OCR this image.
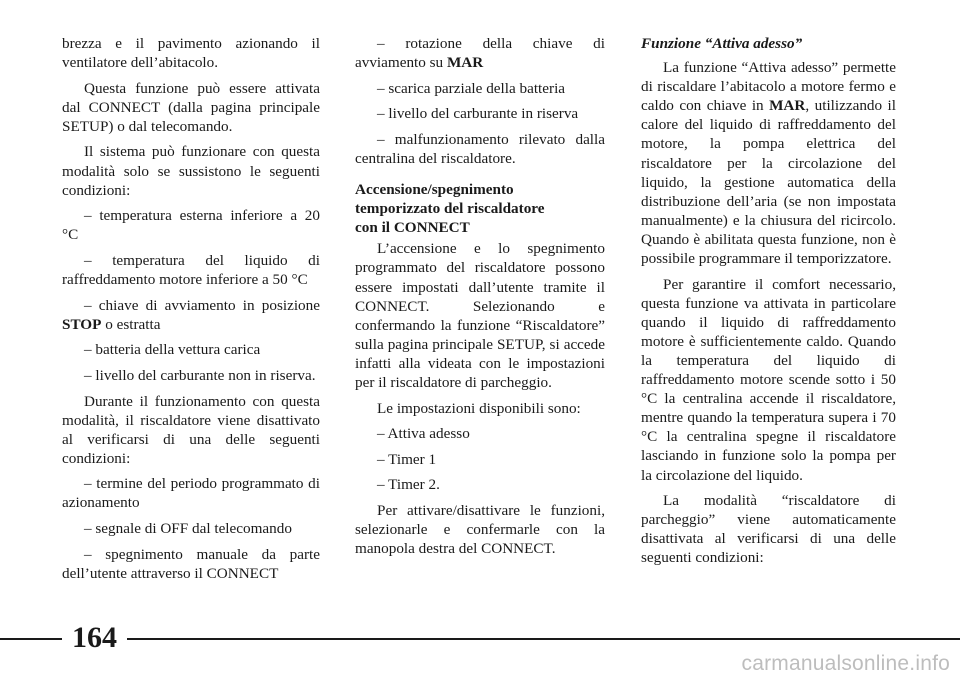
brezza e il pavimento azionando il ventilatore dell’abitacolo.

Questa funzione può essere attivata dal CONNECT (dalla pagina principale SETUP) o dal telecomando.

Il sistema può funzionare con questa modalità solo se sussistono le seguenti condizioni:

– temperatura esterna inferiore a 20 °C

– temperatura del liquido di raffreddamento motore inferiore a 50 °C

– chiave di avviamento in posizione STOP o estratta

– batteria della vettura carica

– livello del carburante non in riserva.

Durante il funzionamento con questa modalità, il riscaldatore viene disattivato al verificarsi di una delle seguenti condizioni:

– termine del periodo programmato di azionamento

– segnale di OFF dal telecomando

– spegnimento manuale da parte dell’utente attraverso il CONNECT

– rotazione della chiave di avviamento su MAR

– scarica parziale della batteria

– livello del carburante in riserva

– malfunzionamento rilevato dalla centralina del riscaldatore.

Accensione/spegnimento

temporizzato del riscaldatore

con il CONNECT

L’accensione e lo spegnimento programmato del riscaldatore possono essere impostati dall’utente tramite il CONNECT. Selezionando e confermando la funzione “Riscaldatore” sulla pagina principale SETUP, si accede infatti alla videata con le impostazioni per il riscaldatore di parcheggio.

Le impostazioni disponibili sono:

– Attiva adesso

– Timer 1

– Timer 2.

Per attivare/disattivare le funzioni, selezionarle e confermarle con la manopola destra del CONNECT.

Funzione “Attiva adesso”

La funzione “Attiva adesso” permette di riscaldare l’abitacolo a motore fermo e caldo con chiave in MAR, utilizzando il calore del liquido di raffreddamento del motore, la pompa elettrica del riscaldatore per la circolazione del liquido, la gestione automatica della distribuzione dell’aria (se non impostata manualmente) e la chiusura del ricircolo. Quando è abilitata questa funzione, non è possibile programmare il temporizzatore.

Per garantire il comfort necessario, questa funzione va attivata in particolare quando il liquido di raffreddamento motore è sufficientemente caldo. Quando la temperatura del liquido di raffreddamento motore scende sotto i 50 °C la centralina accende il riscaldatore, mentre quando la temperatura supera i 70 °C la centralina spegne il riscaldatore lasciando in funzione solo la pompa per la circolazione del liquido.

La modalità “riscaldatore di parcheggio” viene automaticamente disattivata al verificarsi di una delle seguenti condizioni:

164
carmanualsonline.info
